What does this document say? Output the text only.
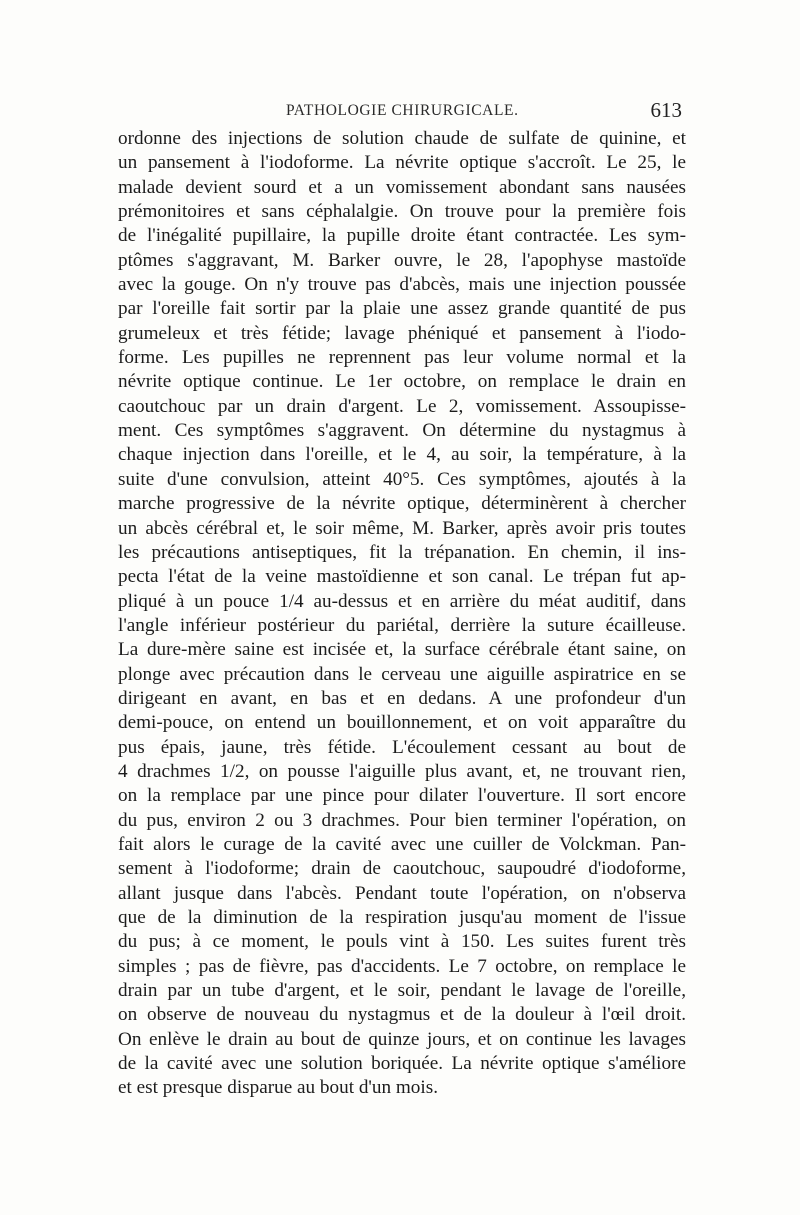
PATHOLOGIE CHIRURGICALE.	613
ordonne des injections de solution chaude de sulfate de quinine, et
un pansement à l'iodoforme. La névrite optique s'accroît. Le 25, le
malade devient sourd et a un vomissement abondant sans nausées
prémonitoires et sans céphalalgie. On trouve pour la première fois
de l'inégalité pupillaire, la pupille droite étant contractée. Les sym-
ptômes s'aggravant, M. Barker ouvre, le 28, l'apophyse mastoïde
avec la gouge. On n'y trouve pas d'abcès, mais une injection poussée
par l'oreille fait sortir par la plaie une assez grande quantité de pus
grumeleux et très fétide; lavage phéniqué et pansement à l'iodo-
forme. Les pupilles ne reprennent pas leur volume normal et la
névrite optique continue. Le 1er octobre, on remplace le drain en
caoutchouc par un drain d'argent. Le 2, vomissement. Assoupisse-
ment. Ces symptômes s'aggravent. On détermine du nystagmus à
chaque injection dans l'oreille, et le 4, au soir, la température, à la
suite d'une convulsion, atteint 40°5. Ces symptômes, ajoutés à la
marche progressive de la névrite optique, déterminèrent à chercher
un abcès cérébral et, le soir même, M. Barker, après avoir pris toutes
les précautions antiseptiques, fit la trépanation. En chemin, il ins-
pecta l'état de la veine mastoïdienne et son canal. Le trépan fut ap-
pliqué à un pouce 1/4 au-dessus et en arrière du méat auditif, dans
l'angle inférieur postérieur du pariétal, derrière la suture écailleuse.
La dure-mère saine est incisée et, la surface cérébrale étant saine, on
plonge avec précaution dans le cerveau une aiguille aspiratrice en se
dirigeant en avant, en bas et en dedans. A une profondeur d'un
demi-pouce, on entend un bouillonnement, et on voit apparaître du
pus épais, jaune, très fétide. L'écoulement cessant au bout de
4 drachmes 1/2, on pousse l'aiguille plus avant, et, ne trouvant rien,
on la remplace par une pince pour dilater l'ouverture. Il sort encore
du pus, environ 2 ou 3 drachmes. Pour bien terminer l'opération, on
fait alors le curage de la cavité avec une cuiller de Volckman. Pan-
sement à l'iodoforme; drain de caoutchouc, saupoudré d'iodoforme,
allant jusque dans l'abcès. Pendant toute l'opération, on n'observa
que de la diminution de la respiration jusqu'au moment de l'issue
du pus; à ce moment, le pouls vint à 150. Les suites furent très
simples ; pas de fièvre, pas d'accidents. Le 7 octobre, on remplace le
drain par un tube d'argent, et le soir, pendant le lavage de l'oreille,
on observe de nouveau du nystagmus et de la douleur à l'œil droit.
On enlève le drain au bout de quinze jours, et on continue les lavages
de la cavité avec une solution boriquée. La névrite optique s'améliore
et est presque disparue au bout d'un mois.
